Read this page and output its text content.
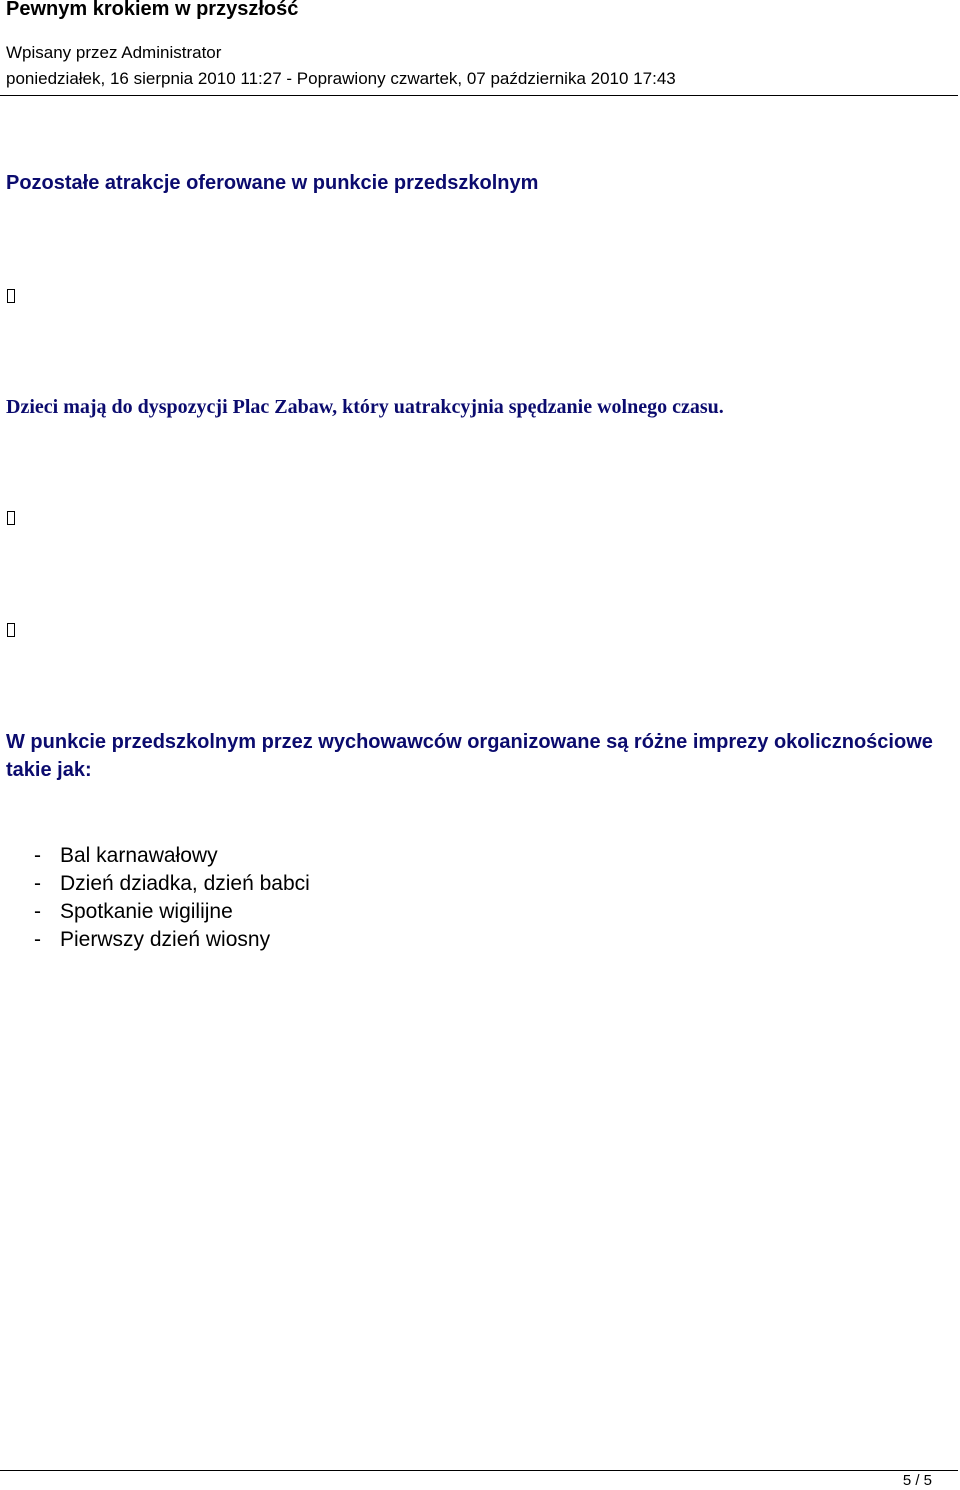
Pewnym krokiem w przyszłość
Wpisany przez Administrator
poniedziałek, 16 sierpnia 2010 11:27 - Poprawiony czwartek, 07 października 2010 17:43
Pozostałe atrakcje oferowane w punkcie przedszkolnym
Dzieci mają do dyspozycji Plac Zabaw, który uatrakcyjnia spędzanie wolnego czasu.
W punkcie przedszkolnym przez wychowawców organizowane są różne imprezy okolicznościowe takie jak:
- Bal karnawałowy
- Dzień dziadka, dzień babci
- Spotkanie wigilijne
- Pierwszy dzień wiosny
5 / 5
